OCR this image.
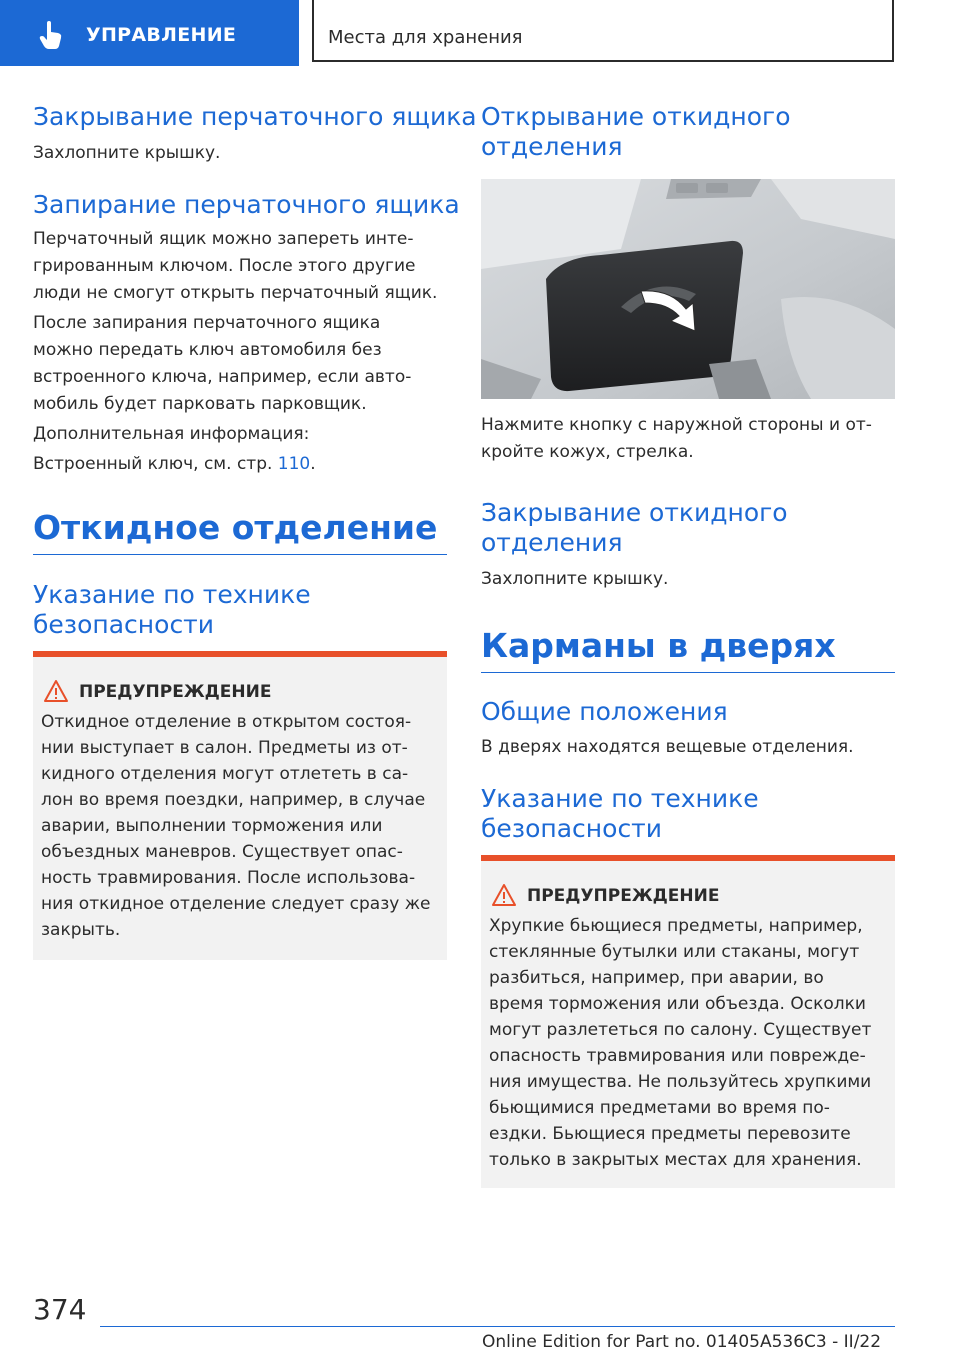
УПРАВЛЕНИЕ	Места для хранения
Закрывание перчаточного ящика

Захлопните крышку.

Запирание перчаточного ящика

Перчаточный ящик можно запереть инте-

грированным ключом. После этого другие

люди не смогут открыть перчаточный ящик.

После запирания перчаточного ящика

можно передать ключ автомобиля без

встроенного ключа, например, если авто-

мобиль будет парковать парковщик.

Дополнительная информация:

Встроенный ключ, см. стр. 110.

Откидное отделение
Указание по технике
безопасности
ПРЕДУПРЕЖДЕНИЕ
Откидное отделение в открытом состоя-
нии выступает в салон. Предметы из от-
кидного отделения могут отлететь в са-
лон во время поездки, например, в случае
аварии, выполнении торможения или
объездных маневров. Существует опас-
ность травмирования. После использова-
ния откидное отделение следует сразу же
закрыть.
Открывание откидного
отделения

Нажмите кнопку с наружной стороны и от-

кройте кожух, стрелка.

Закрывание откидного
отделения

Захлопните крышку.

Карманы в дверях
Общие положения

В дверях находятся вещевые отделения.

Указание по технике
безопасности
ПРЕДУПРЕЖДЕНИЕ
Хрупкие бьющиеся предметы, например,
стеклянные бутылки или стаканы, могут
разбиться, например, при аварии, во
время торможения или объезда. Осколки
могут разлететься по салону. Существует
опасность травмирования или поврежде-
ния имущества. Не пользуйтесь хрупкими
бьющимися предметами во время по-
ездки. Бьющиеся предметы перевозите
только в закрытых местах для хранения.
374
Online Edition for Part no. 01405A536C3 - II/22
